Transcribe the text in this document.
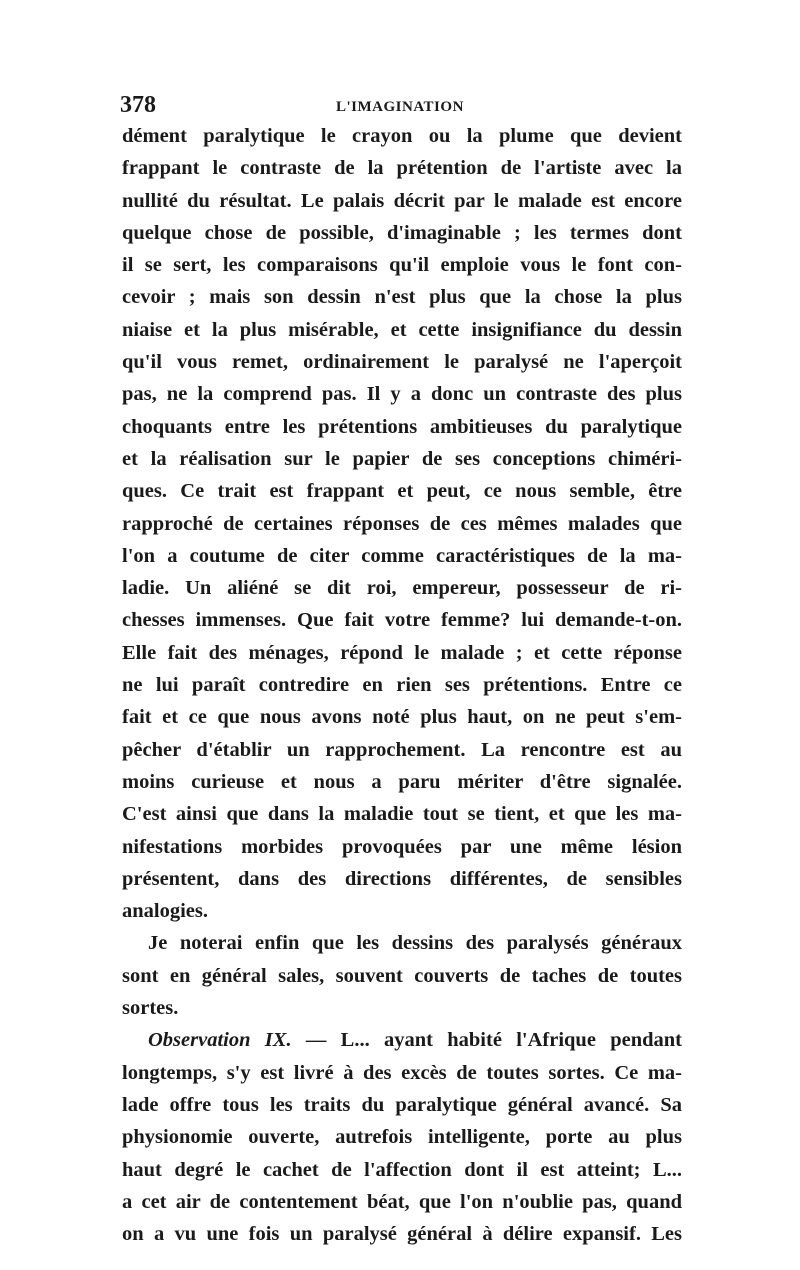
378	L'IMAGINATION
dément paralytique le crayon ou la plume que devient
frappant le contraste de la prétention de l'artiste avec la
nullité du résultat. Le palais décrit par le malade est encore
quelque chose de possible, d'imaginable ; les termes dont
il se sert, les comparaisons qu'il emploie vous le font con-
cevoir ; mais son dessin n'est plus que la chose la plus
niaise et la plus misérable, et cette insignifiance du dessin
qu'il vous remet, ordinairement le paralysé ne l'aperçoit
pas, ne la comprend pas. Il y a donc un contraste des plus
choquants entre les prétentions ambitieuses du paralytique
et la réalisation sur le papier de ses conceptions chiméri-
ques. Ce trait est frappant et peut, ce nous semble, être
rapproché de certaines réponses de ces mêmes malades que
l'on a coutume de citer comme caractéristiques de la ma-
ladie. Un aliéné se dit roi, empereur, possesseur de ri-
chesses immenses. Que fait votre femme? lui demande-t-on.
Elle fait des ménages, répond le malade ; et cette réponse
ne lui paraît contredire en rien ses prétentions. Entre ce
fait et ce que nous avons noté plus haut, on ne peut s'em-
pêcher d'établir un rapprochement. La rencontre est au
moins curieuse et nous a paru mériter d'être signalée.
C'est ainsi que dans la maladie tout se tient, et que les ma-
nifestations morbides provoquées par une même lésion
présentent, dans des directions différentes, de sensibles
analogies.
Je noterai enfin que les dessins des paralysés généraux
sont en général sales, souvent couverts de taches de toutes
sortes.
Observation IX. — L... ayant habité l'Afrique pendant
longtemps, s'y est livré à des excès de toutes sortes. Ce ma-
lade offre tous les traits du paralytique général avancé. Sa
physionomie ouverte, autrefois intelligente, porte au plus
haut degré le cachet de l'affection dont il est atteint; L...
a cet air de contentement béat, que l'on n'oublie pas, quand
on a vu une fois un paralysé général à délire expansif. Les
